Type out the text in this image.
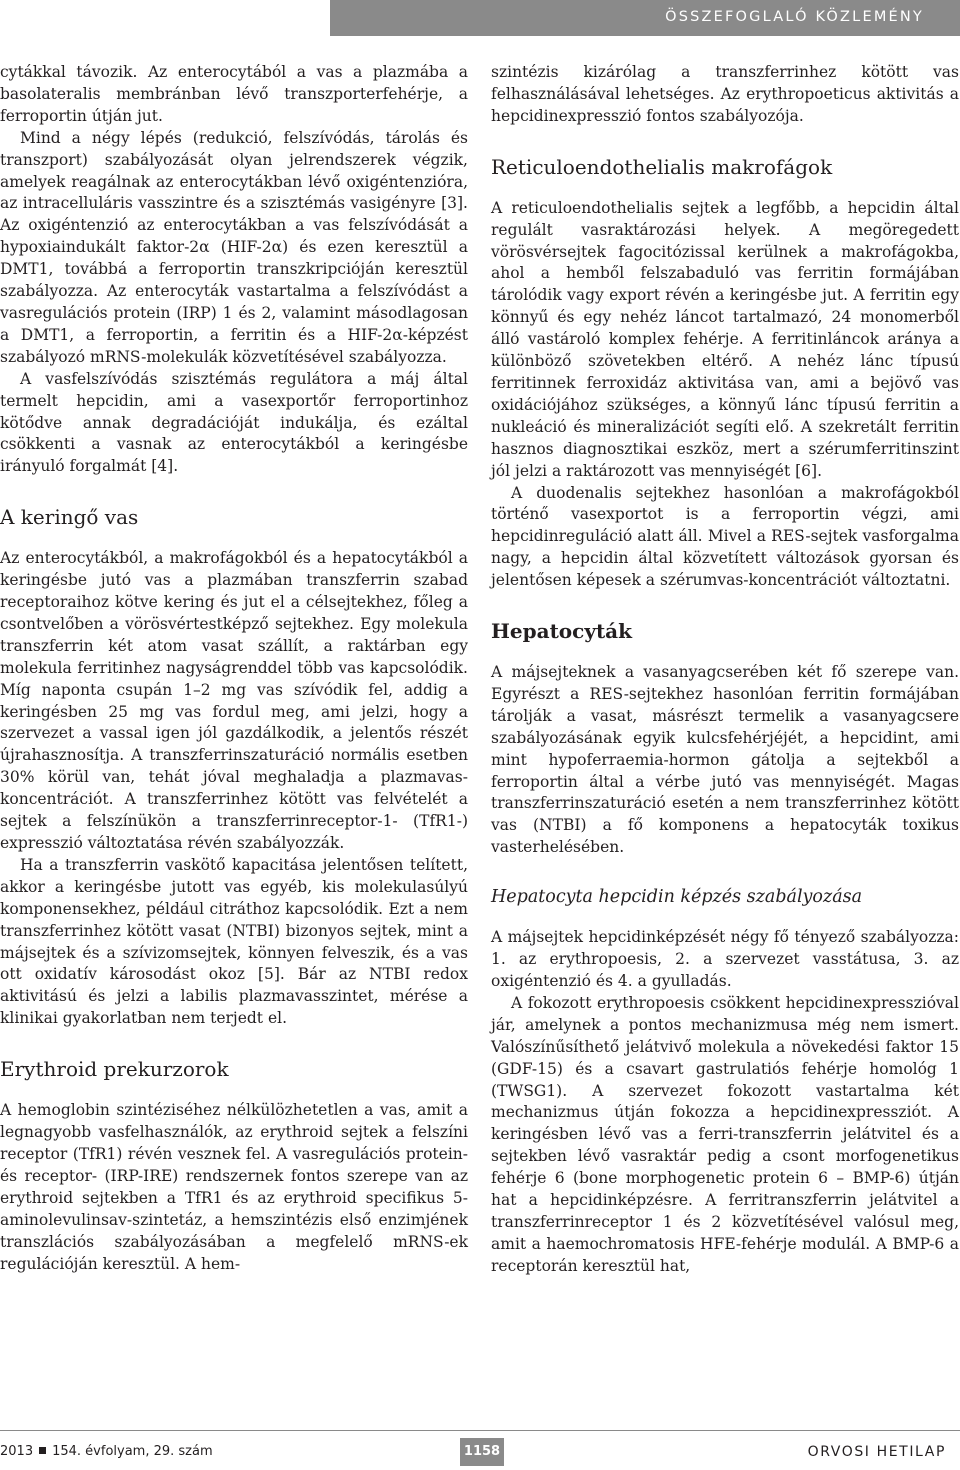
ÖSSZEFOGLALÓ KÖZLEMÉNY

cytákkal távozik. Az enterocytából a vas a plazmába a basolateralis membránban lévő transzporterfehérje, a ferroportin útján jut.

Mind a négy lépés (redukció, felszívódás, tárolás és transzport) szabályozását olyan jelrendszerek végzik, amelyek reagálnak az enterocytákban lévő oxigéntenzióra, az intracelluláris vasszintre és a szisztémás vasigényre [3]. Az oxigéntenzió az enterocytákban a vas felszívódását a hypoxiaindukált faktor-2α (HIF-2α) és ezen keresztül a DMT1, továbbá a ferroportin transzkripcióján keresztül szabályozza. Az enterocyták vastartalma a felszívódást a vasregulációs protein (IRP) 1 és 2, valamint másodlagosan a DMT1, a ferroportin, a ferritin és a HIF-2α-képzést szabályozó mRNS-molekulák közvetítésével szabályozza.

A vasfelszívódás szisztémás regulátora a máj által termelt hepcidin, ami a vasexportőr ferroportinhoz kötődve annak degradációját indukálja, és ezáltal csökkenti a vasnak az enterocytákból a keringésbe irányuló forgalmát [4].

A keringő vas

Az enterocytákból, a makrofágokból és a hepatocytákból a keringésbe jutó vas a plazmában transzferrin szabad receptoraihoz kötve kering és jut el a célsejtekhez, főleg a csontvelőben a vörösvértestképző sejtekhez. Egy molekula transzferrin két atom vasat szállít, a raktárban egy molekula ferritinhez nagyságrenddel több vas kapcsolódik. Míg naponta csupán 1–2 mg vas szívódik fel, addig a keringésben 25 mg vas fordul meg, ami jelzi, hogy a szervezet a vassal igen jól gazdálkodik, a jelentős részét újrahasznosítja. A transzferrinszaturáció normális esetben 30% körül van, tehát jóval meghaladja a plazmavas-koncentrációt. A transzferrinhez kötött vas felvételét a sejtek a felszínükön a transzferrinreceptor-1- (TfR1-) expresszió változtatása révén szabályozzák.

Ha a transzferrin vaskötő kapacitása jelentősen telített, akkor a keringésbe jutott vas egyéb, kis molekulasúlyú komponensekhez, például citráthoz kapcsolódik. Ezt a nem transzferrinhez kötött vasat (NTBI) bizonyos sejtek, mint a májsejtek és a szívizomsejtek, könnyen felveszik, és a vas ott oxidatív károsodást okoz [5]. Bár az NTBI redox aktivitású és jelzi a labilis plazmavasszintet, mérése a klinikai gyakorlatban nem terjedt el.

Erythroid prekurzorok

A hemoglobin szintéziséhez nélkülözhetetlen a vas, amit a legnagyobb vasfelhasználók, az erythroid sejtek a felszíni receptor (TfR1) révén vesznek fel. A vasregulációs protein- és receptor- (IRP-IRE) rendszernek fontos szerepe van az erythroid sejtekben a TfR1 és az erythroid specifikus 5-aminolevulinsav-szintetáz, a hemszintézis első enzimjének transzlációs szabályozásában a megfelelő mRNS-ek regulációján keresztül. A hem-

szintézis kizárólag a transzferrinhez kötött vas felhasználásával lehetséges. Az erythropoeticus aktivitás a hepcidinexpresszió fontos szabályozója.

Reticuloendothelialis makrofágok

A reticuloendothelialis sejtek a legfőbb, a hepcidin által regulált vasraktározási helyek. A megöregedett vörösvérsejtek fagocitózissal kerülnek a makrofágokba, ahol a hemből felszabaduló vas ferritin formájában tárolódik vagy export révén a keringésbe jut. A ferritin egy könnyű és egy nehéz láncot tartalmazó, 24 monomerből álló vastároló komplex fehérje. A ferritinláncok aránya a különböző szövetekben eltérő. A nehéz lánc típusú ferritinnek ferroxidáz aktivitása van, ami a bejövő vas oxidációjához szükséges, a könnyű lánc típusú ferritin a nukleáció és mineralizációt segíti elő. A szekretált ferritin hasznos diagnosztikai eszköz, mert a szérumferritinszint jól jelzi a raktározott vas mennyiségét [6].

A duodenalis sejtekhez hasonlóan a makrofágokból történő vasexportot is a ferroportin végzi, ami hepcidinreguláció alatt áll. Mivel a RES-sejtek vasforgalma nagy, a hepcidin által közvetített változások gyorsan és jelentősen képesek a szérumvas-koncentrációt változtatni.

Hepatocyták

A májsejteknek a vasanyagcserében két fő szerepe van. Egyrészt a RES-sejtekhez hasonlóan ferritin formájában tárolják a vasat, másrészt termelik a vasanyagcsere szabályozásának egyik kulcsfehérjéjét, a hepcidint, ami mint hypoferraemia-hormon gátolja a sejtekből a ferroportin által a vérbe jutó vas mennyiségét. Magas transzferrinszaturáció esetén a nem transzferrinhez kötött vas (NTBI) a fő komponens a hepatocyták toxikus vasterhelésében.

Hepatocyta hepcidin képzés szabályozása

A májsejtek hepcidinképzését négy fő tényező szabályozza: 1. az erythropoesis, 2. a szervezet vasstátusa, 3. az oxigéntenzió és 4. a gyulladás.

A fokozott erythropoesis csökkent hepcidinexpresszióval jár, amelynek a pontos mechanizmusa még nem ismert. Valószínűsíthető jelátvivő molekula a növekedési faktor 15 (GDF-15) és a csavart gastrulatiós fehérje homológ 1 (TWSG1). A szervezet fokozott vastartalma két mechanizmus útján fokozza a hepcidinexpressziót. A keringésben lévő vas a ferri-transzferrin jelátvitel és a sejtekben lévő vasraktár pedig a csont morfogenetikus fehérje 6 (bone morphogenetic protein 6 – BMP-6) útján hat a hepcidinképzésre. A ferritranszferrin jelátvitel a transzferrinreceptor 1 és 2 közvetítésével valósul meg, amit a haemochromatosis HFE-fehérje modulál. A BMP-6 a receptorán keresztül hat,

2013 154. évfolyam, 29. szám	1158	ORVOSI HETILAP
